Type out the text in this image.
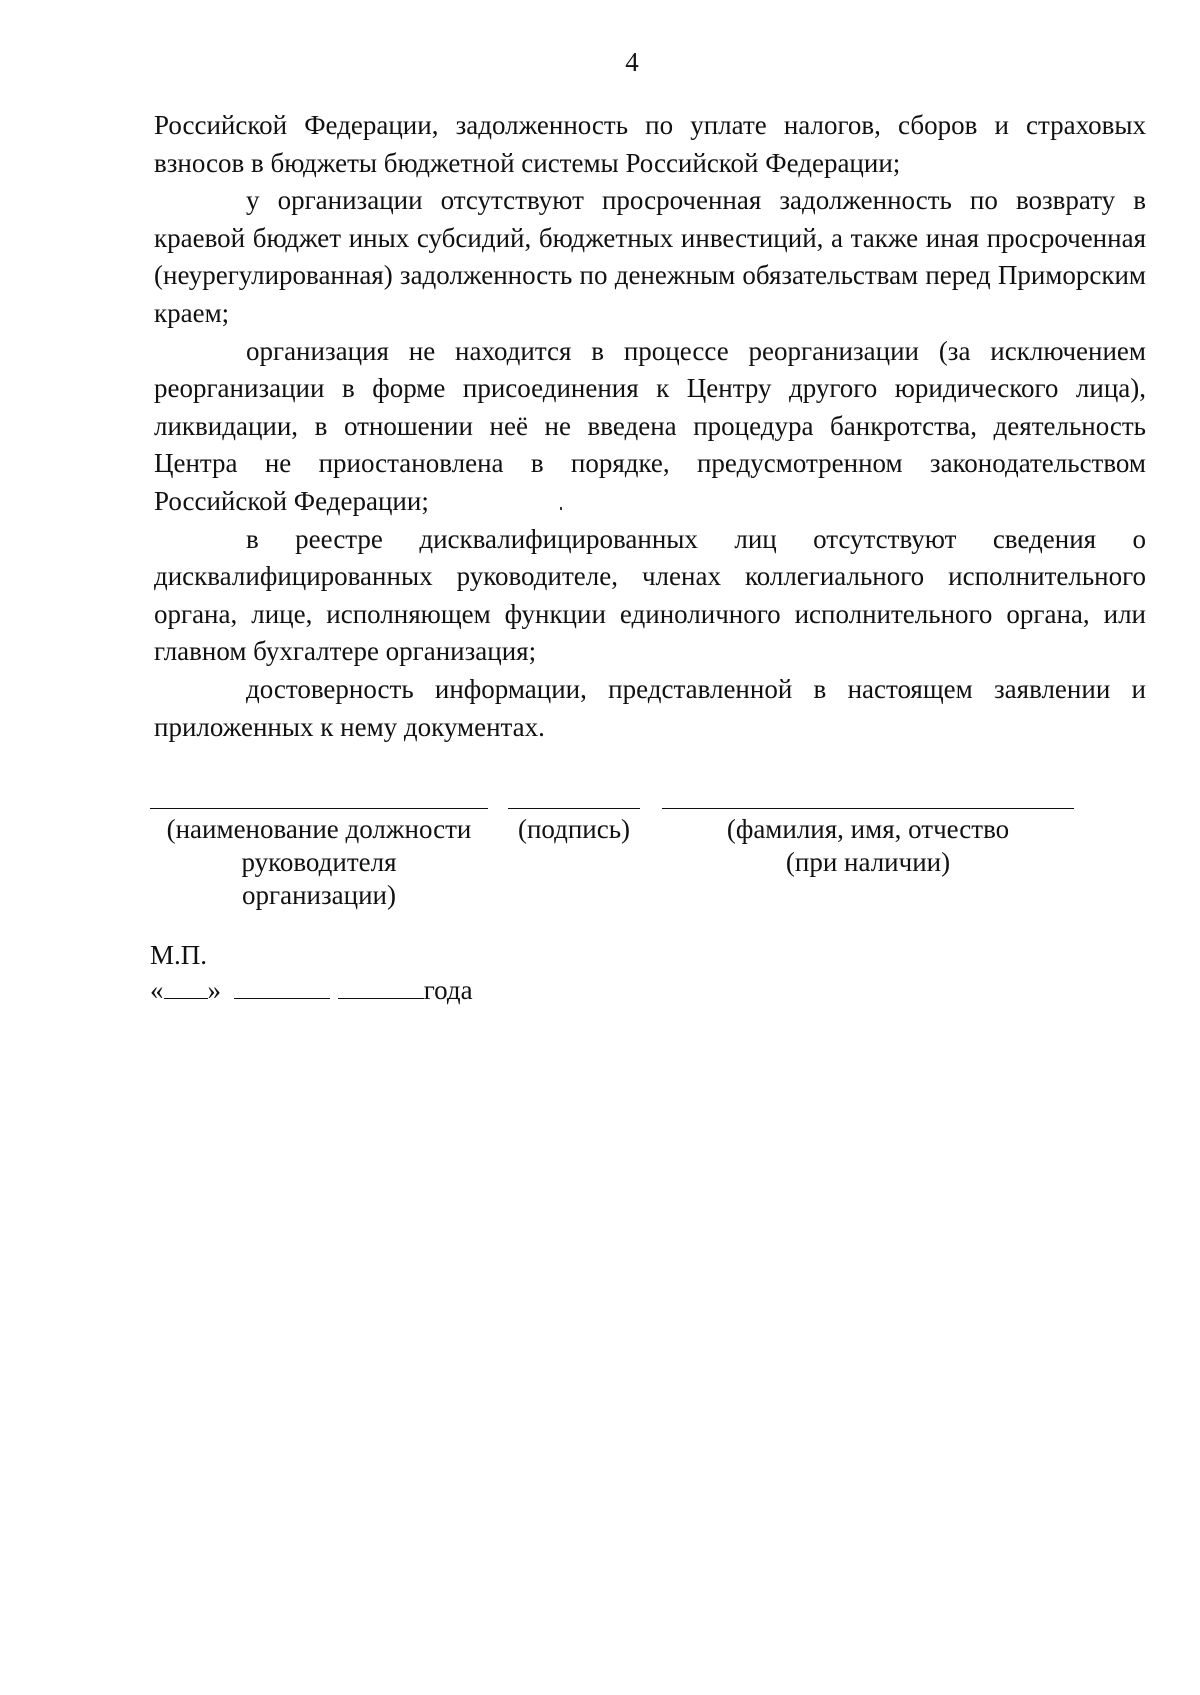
4

Российской Федерации, задолженность по уплате налогов, сборов и страховых взносов в бюджеты бюджетной системы Российской Федерации;

у организации отсутствуют просроченная задолженность по возврату в краевой бюджет иных субсидий, бюджетных инвестиций, а также иная просроченная (неурегулированная) задолженность по денежным обязательствам перед Приморским краем;

организация не находится в процессе реорганизации (за исключением реорганизации в форме присоединения к Центру другого юридического лица), ликвидации, в отношении неё не введена процедура банкротства, деятельность Центра не приостановлена в порядке, предусмотренном законодательством Российской Федерации;

в реестре дисквалифицированных лиц отсутствуют сведения о дисквалифицированных руководителе, членах коллегиального исполнительного органа, лице, исполняющем функции единоличного исполнительного органа, или главном бухгалтере организация;

достоверность информации, представленной в настоящем заявлении и приложенных к нему документах.

(наименование должности
руководителя
организации)
(подпись)	(фамилия, имя, отчество
(при наличии)
М.П.
« »	года
